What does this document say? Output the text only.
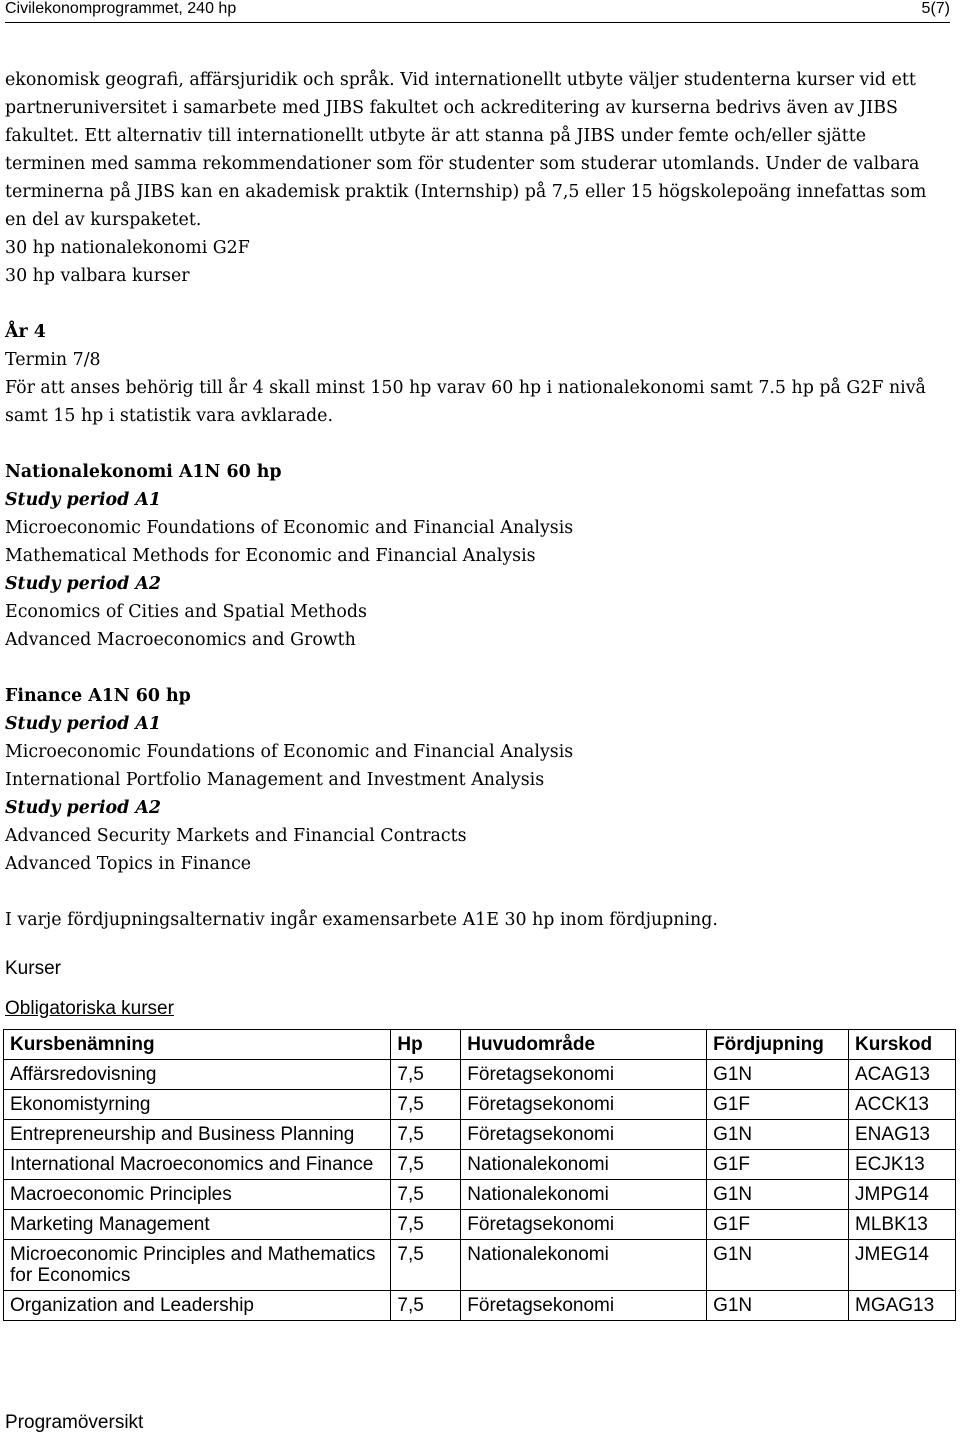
Civilekonomprogrammet, 240 hp	5(7)

ekonomisk geografi, affärsjuridik och språk. Vid internationellt utbyte väljer studenterna kurser vid ett partneruniversitet i samarbete med JIBS fakultet och ackreditering av kurserna bedrivs även av JIBS fakultet. Ett alternativ till internationellt utbyte är att stanna på JIBS under femte och/eller sjätte terminen med samma rekommendationer som för studenter som studerar utomlands. Under de valbara terminerna på JIBS kan en akademisk praktik (Internship) på 7,5 eller 15 högskolepoäng innefattas som en del av kurspaketet.

30 hp nationalekonomi G2F

30 hp valbara kurser

År 4

Termin 7/8

För att anses behörig till år 4 skall minst 150 hp varav 60 hp i nationalekonomi samt 7.5 hp på G2F nivå samt 15 hp i statistik vara avklarade.

Nationalekonomi A1N 60 hp

Study period A1

Microeconomic Foundations of Economic and Financial Analysis

Mathematical Methods for Economic and Financial Analysis

Study period A2

Economics of Cities and Spatial Methods

Advanced Macroeconomics and Growth

Finance A1N 60 hp

Study period A1

Microeconomic Foundations of Economic and Financial Analysis

International Portfolio Management and Investment Analysis

Study period A2

Advanced Security Markets and Financial Contracts

Advanced Topics in Finance

I varje fördjupningsalternativ ingår examensarbete A1E 30 hp inom fördjupning.

Kurser
Obligatoriska kurser
Kursbenämning	Hp	Huvudområde	Fördjupning	Kurskod
Affärsredovisning	7,5	Företagsekonomi	G1N	ACAG13
Ekonomistyrning	7,5	Företagsekonomi	G1F	ACCK13
Entrepreneurship and Business Planning	7,5	Företagsekonomi	G1N	ENAG13
International Macroeconomics and Finance	7,5	Nationalekonomi	G1F	ECJK13
Macroeconomic Principles	7,5	Nationalekonomi	G1N	JMPG14
Marketing Management	7,5	Företagsekonomi	G1F	MLBK13
Microeconomic Principles and Mathematics for Economics	7,5	Nationalekonomi	G1N	JMEG14
Organization and Leadership	7,5	Företagsekonomi	G1N	MGAG13
Programöversikt
